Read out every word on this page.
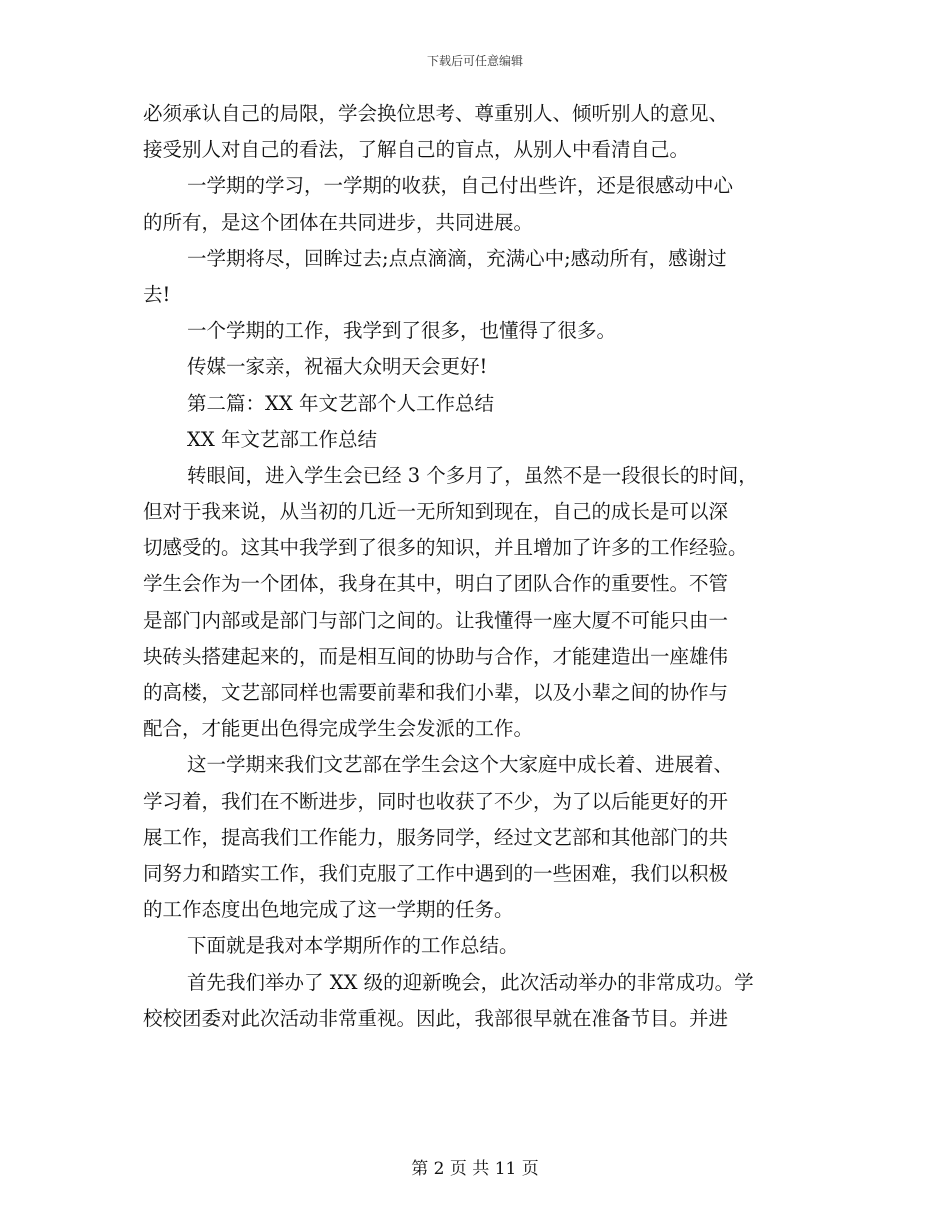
下载后可任意编辑
必须承认自己的局限，学会换位思考、尊重别人、倾听别人的意见、
接受别人对自己的看法，了解自己的盲点，从别人中看清自己。
一学期的学习，一学期的收获，自己付出些许，还是很感动中心
的所有，是这个团体在共同进步，共同进展。
一学期将尽，回眸过去;点点滴滴，充满心中;感动所有，感谢过
去!
一个学期的工作，我学到了很多，也懂得了很多。
传媒一家亲，祝福大众明天会更好!
第二篇：XX 年文艺部个人工作总结
XX 年文艺部工作总结
转眼间，进入学生会已经 3 个多月了，虽然不是一段很长的时间，
但对于我来说，从当初的几近一无所知到现在，自己的成长是可以深
切感受的。这其中我学到了很多的知识，并且增加了许多的工作经验。
学生会作为一个团体，我身在其中，明白了团队合作的重要性。不管
是部门内部或是部门与部门之间的。让我懂得一座大厦不可能只由一
块砖头搭建起来的，而是相互间的协助与合作，才能建造出一座雄伟
的高楼，文艺部同样也需要前辈和我们小辈，以及小辈之间的协作与
配合，才能更出色得完成学生会发派的工作。
这一学期来我们文艺部在学生会这个大家庭中成长着、进展着、
学习着，我们在不断进步，同时也收获了不少，为了以后能更好的开
展工作，提高我们工作能力，服务同学，经过文艺部和其他部门的共
同努力和踏实工作，我们克服了工作中遇到的一些困难，我们以积极
的工作态度出色地完成了这一学期的任务。
下面就是我对本学期所作的工作总结。
首先我们举办了 XX 级的迎新晚会，此次活动举办的非常成功。学
校校团委对此次活动非常重视。因此，我部很早就在准备节目。并进
第 2 页 共 11 页
